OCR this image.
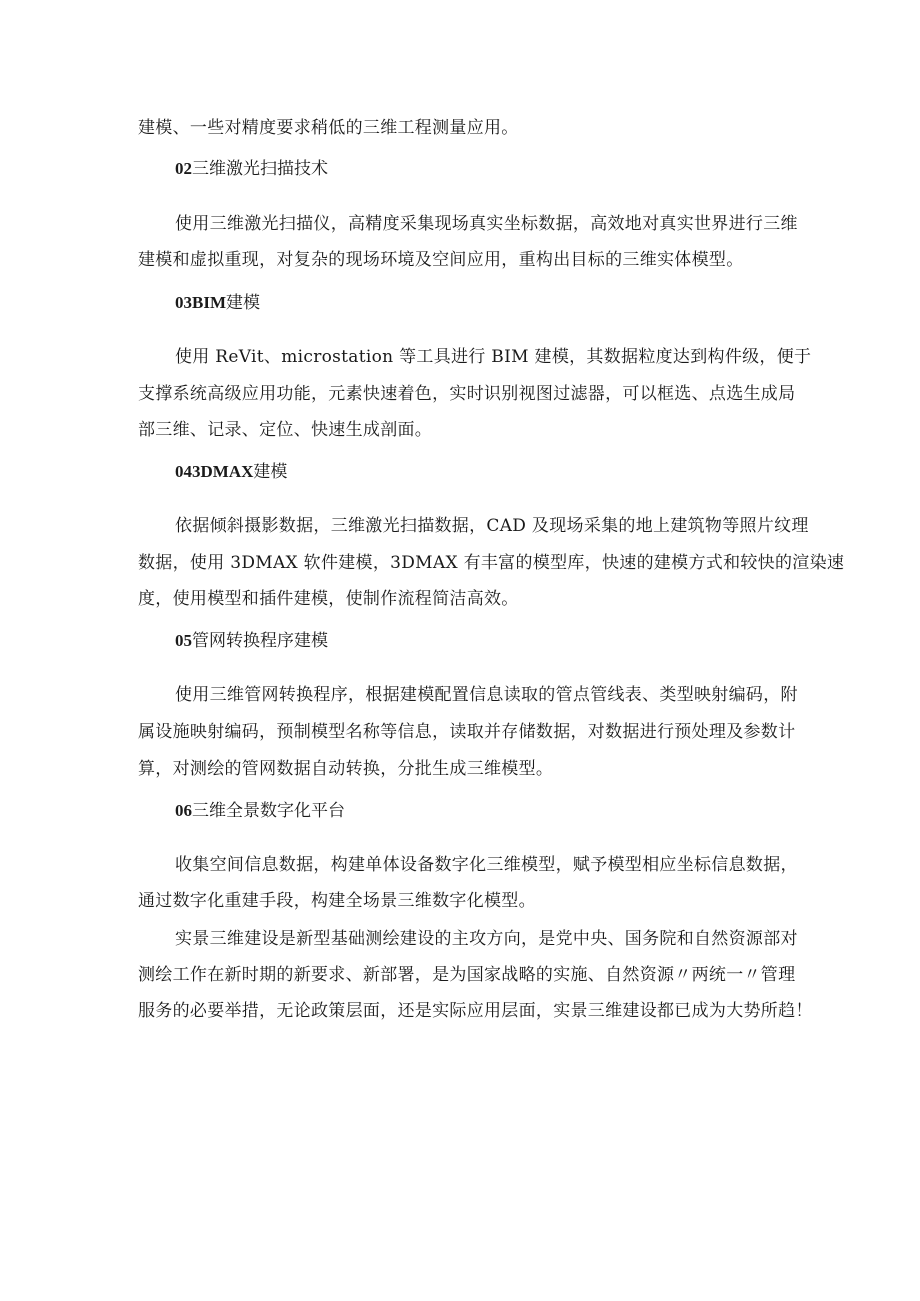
建模、一些对精度要求稍低的三维工程测量应用。
02三维激光扫描技术
使用三维激光扫描仪，高精度采集现场真实坐标数据，高效地对真实世界进行三维
建模和虚拟重现，对复杂的现场环境及空间应用，重构出目标的三维实体模型。
03BIM建模
使用 ReVit、microstation 等工具进行 BIM 建模，其数据粒度达到构件级，便于
支撑系统高级应用功能，元素快速着色，实时识别视图过滤器，可以框选、点选生成局
部三维、记录、定位、快速生成剖面。
043DMAX建模
依据倾斜摄影数据，三维激光扫描数据，CAD 及现场采集的地上建筑物等照片纹理
数据，使用 3DMAX 软件建模，3DMAX 有丰富的模型库，快速的建模方式和较快的渲染速
度，使用模型和插件建模，使制作流程简洁高效。
05管网转换程序建模
使用三维管网转换程序，根据建模配置信息读取的管点管线表、类型映射编码，附
属设施映射编码，预制模型名称等信息，读取并存储数据，对数据进行预处理及参数计
算，对测绘的管网数据自动转换，分批生成三维模型。
06三维全景数字化平台
收集空间信息数据，构建单体设备数字化三维模型，赋予模型相应坐标信息数据，
通过数字化重建手段，构建全场景三维数字化模型。
实景三维建设是新型基础测绘建设的主攻方向，是党中央、国务院和自然资源部对
测绘工作在新时期的新要求、新部署，是为国家战略的实施、自然资源〃两统一〃管理
服务的必要举措，无论政策层面，还是实际应用层面，实景三维建设都已成为大势所趋！
